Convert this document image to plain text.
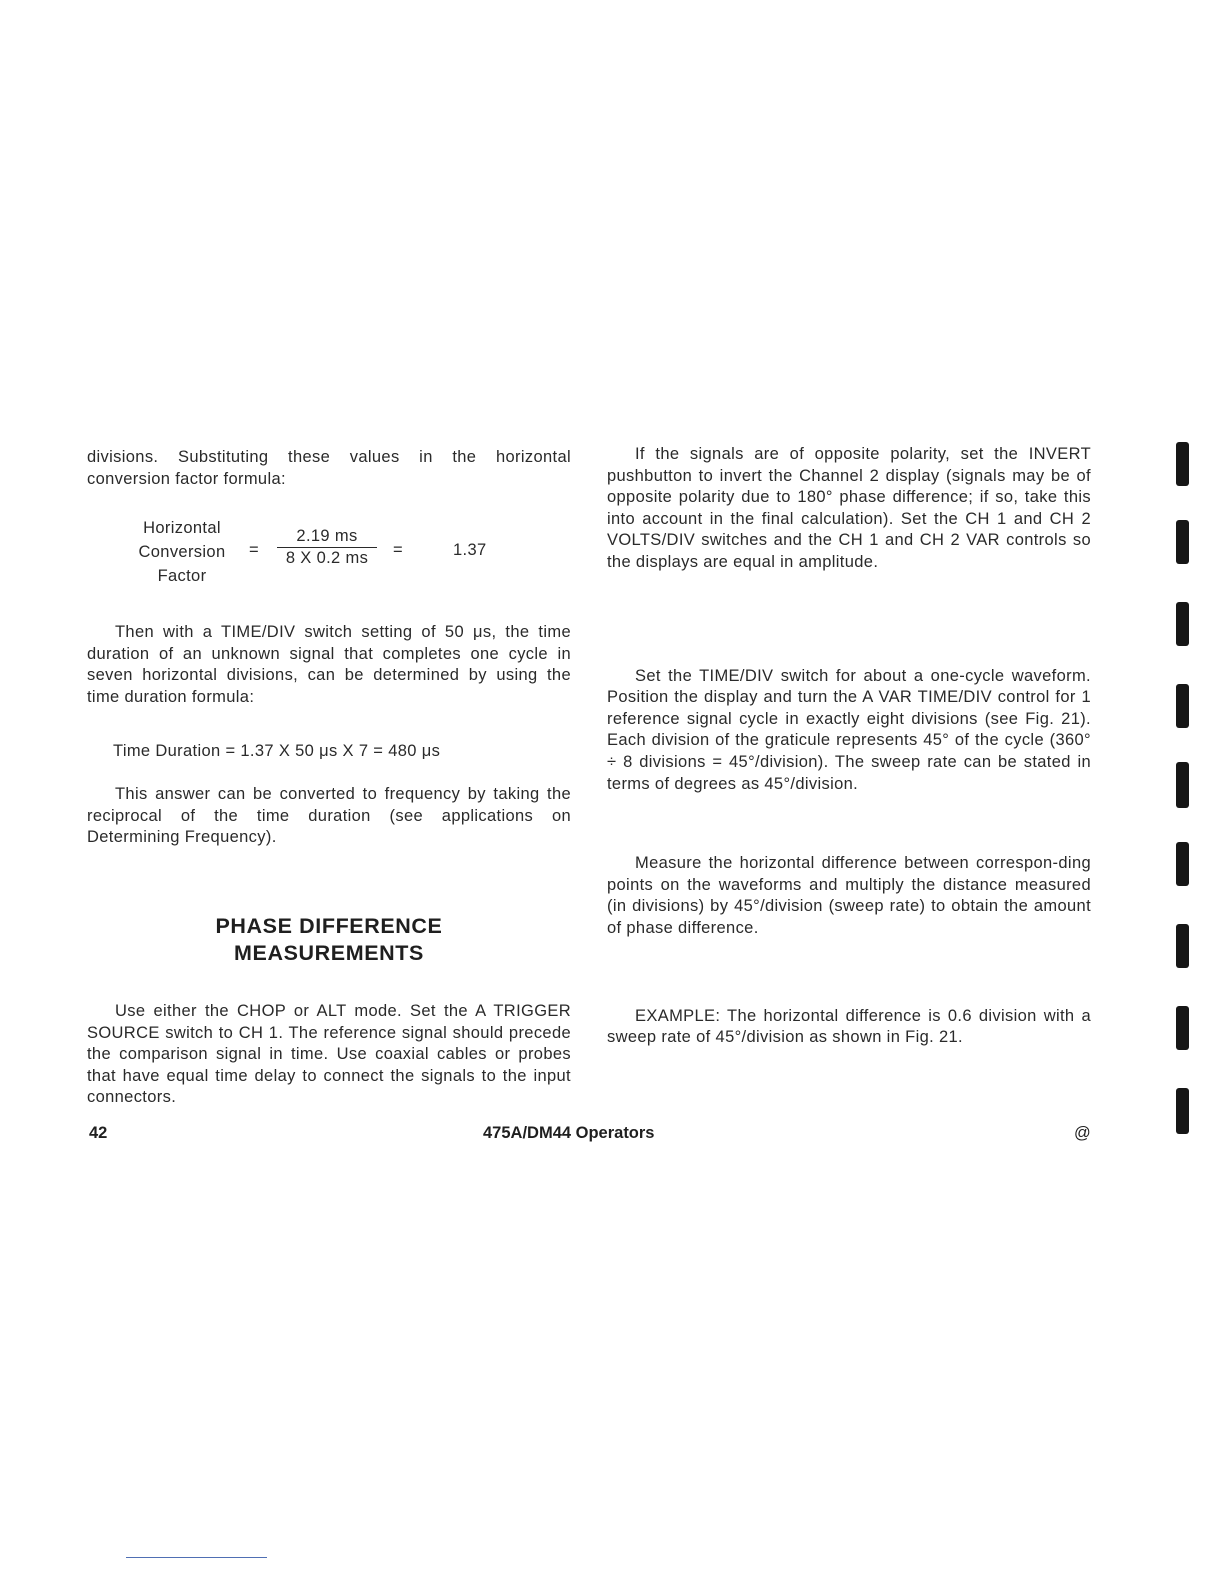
divisions. Substituting these values in the horizontal conversion factor formula:

Horizontal
Conversion
Factor
= $\frac{2.19 ms}{8 X 0.2 ms}$ =	1.37

Then with a TIME/DIV switch setting of 50 μs, the time duration of an unknown signal that completes one cycle in seven horizontal divisions, can be determined by using the time duration formula:

Time Duration = 1.37 X 50 μs X 7 = 480 μs

This answer can be converted to frequency by taking the reciprocal of the time duration (see applications on Determining Frequency).

PHASE DIFFERENCE
MEASUREMENTS

Use either the CHOP or ALT mode. Set the A TRIGGER SOURCE switch to CH 1. The reference signal should precede the comparison signal in time. Use coaxial cables or probes that have equal time delay to connect the signals to the input connectors.

If the signals are of opposite polarity, set the INVERT pushbutton to invert the Channel 2 display (signals may be of opposite polarity due to 180° phase difference; if so, take this into account in the final calculation). Set the CH 1 and CH 2 VOLTS/DIV switches and the CH 1 and CH 2 VAR controls so the displays are equal in amplitude.

Set the TIME/DIV switch for about a one-cycle waveform. Position the display and turn the A VAR TIME/DIV control for 1 reference signal cycle in exactly eight divisions (see Fig. 21). Each division of the graticule represents 45° of the cycle (360° ÷ 8 divisions = 45°/division). The sweep rate can be stated in terms of degrees as 45°/division.

Measure the horizontal difference between correspon-ding points on the waveforms and multiply the distance measured (in divisions) by 45°/division (sweep rate) to obtain the amount of phase difference.

EXAMPLE: The horizontal difference is 0.6 division with a sweep rate of 45°/division as shown in Fig. 21.

42	475A/DM44 Operators	@
